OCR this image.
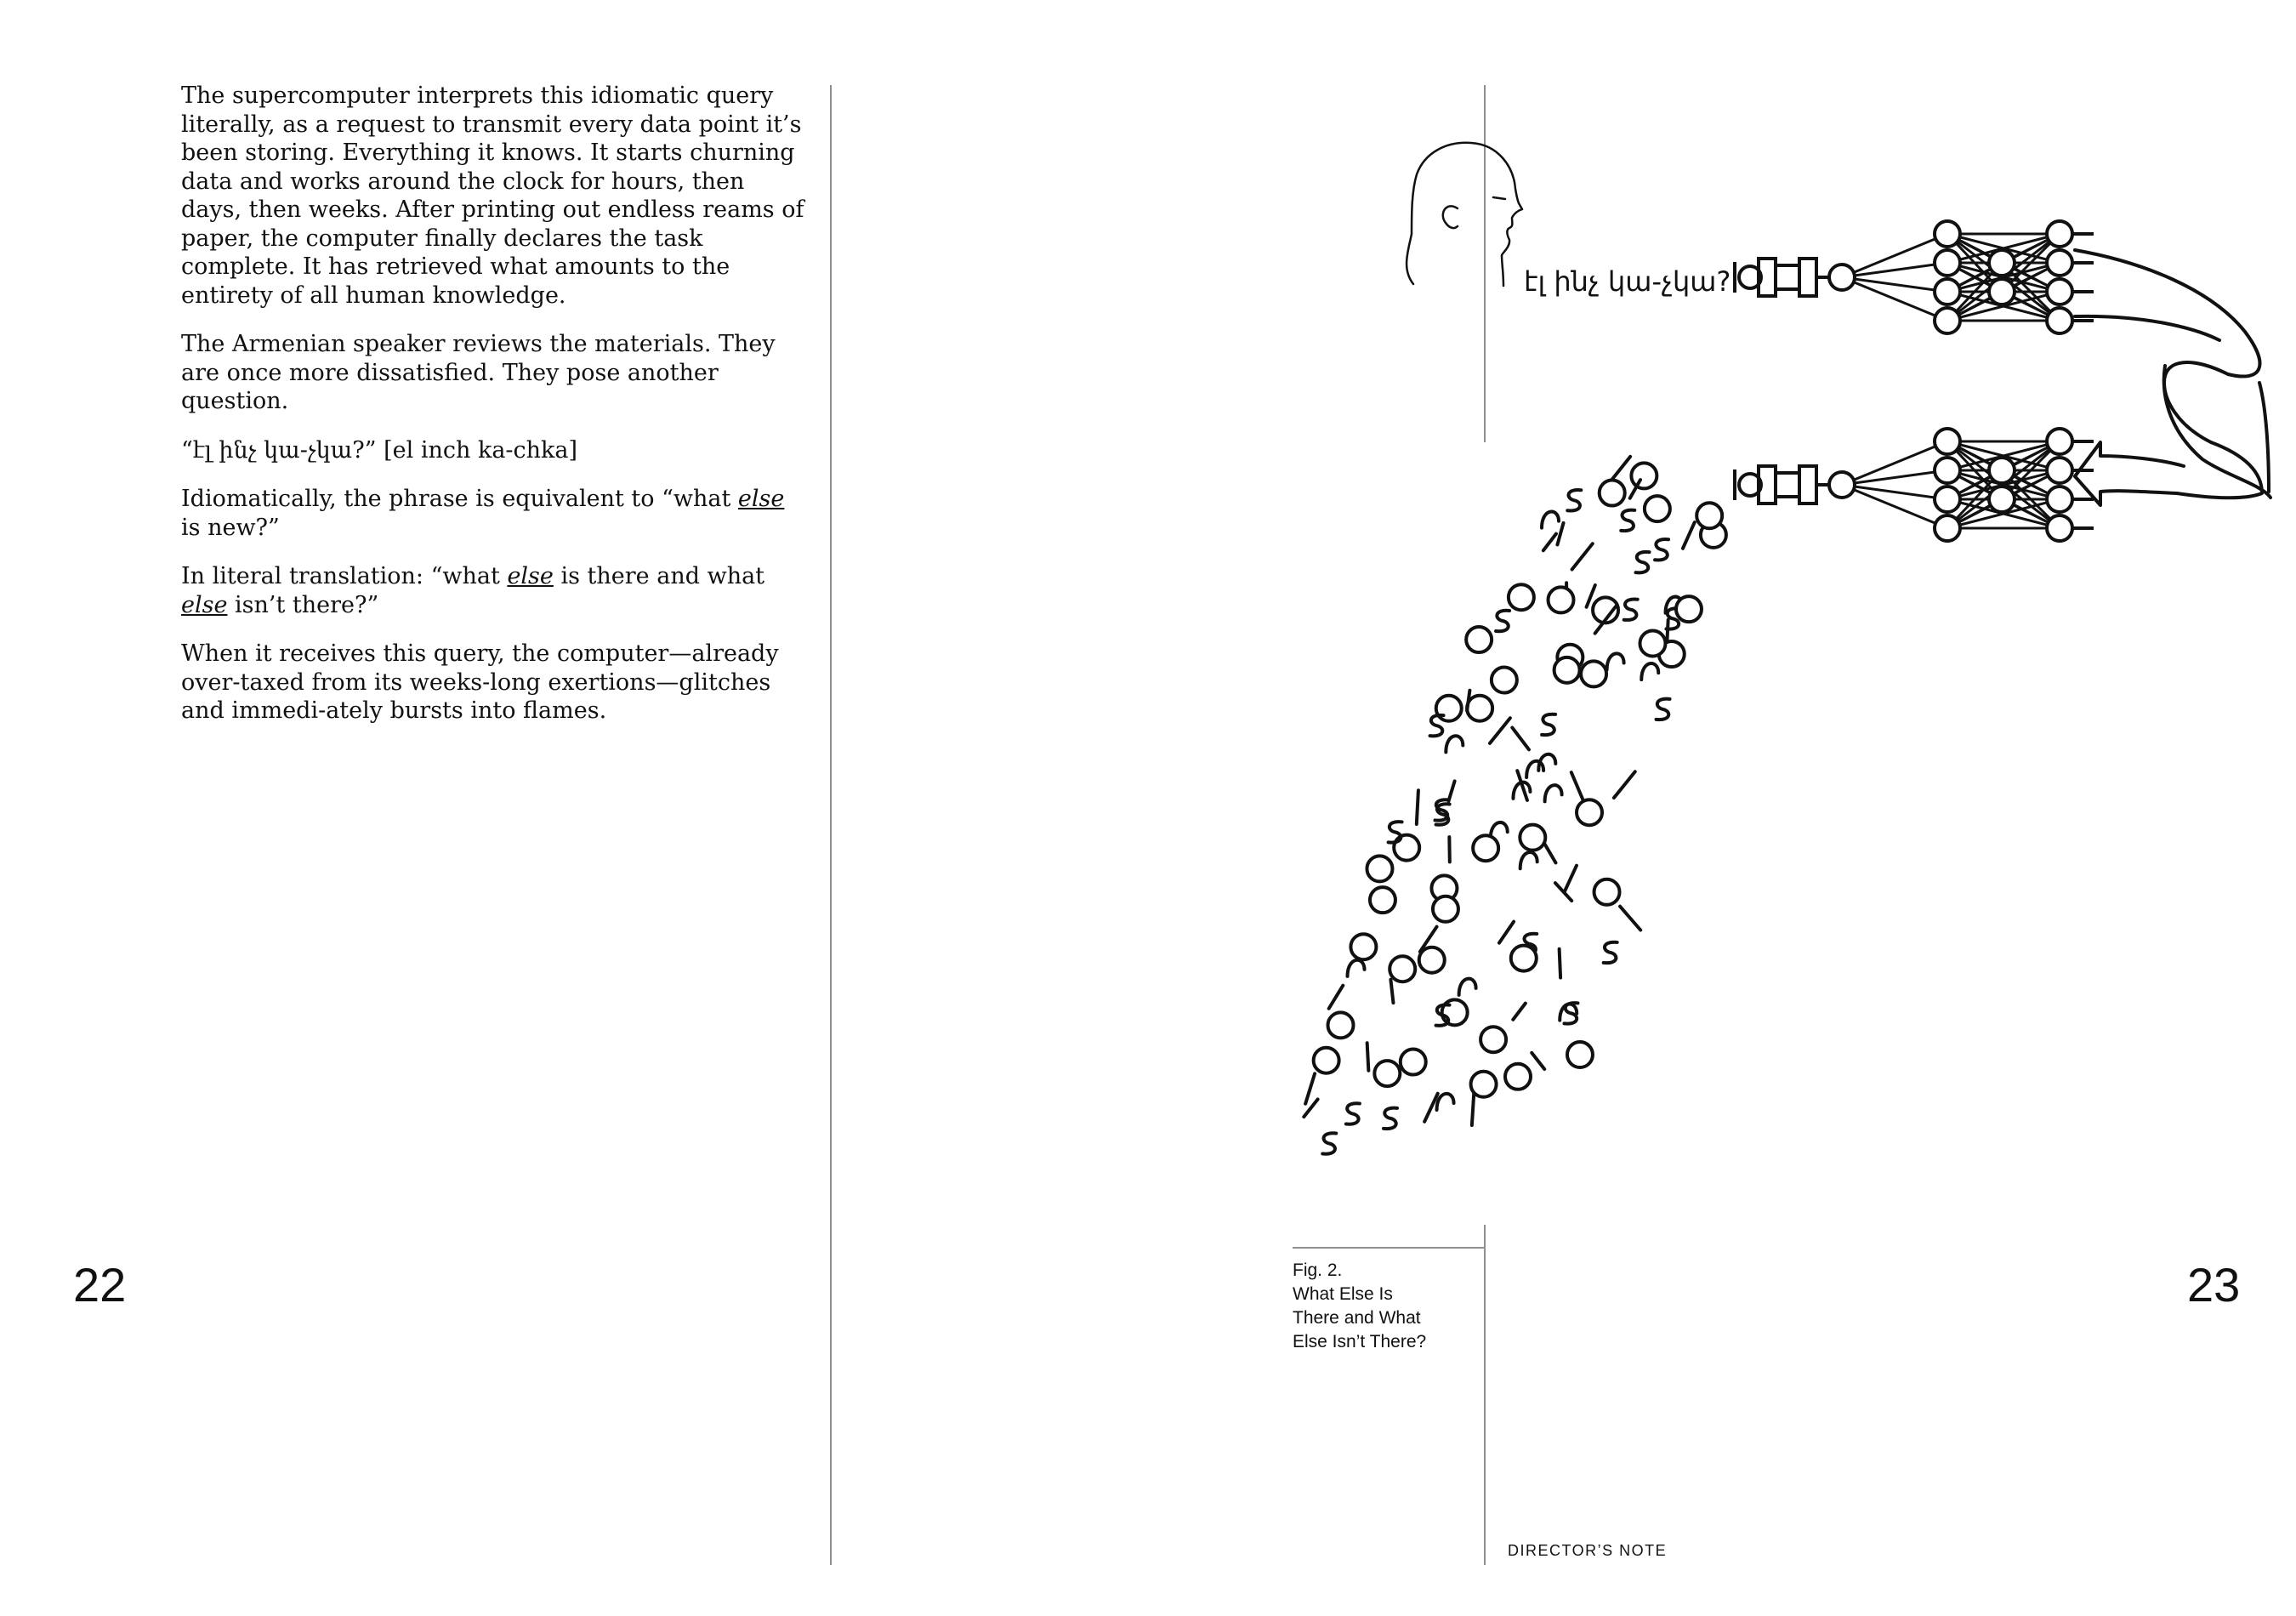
The supercomputer interprets this idiomatic query literally, as a request to transmit every data point it’s been storing. Everything it knows. It starts churning data and works around the clock for hours, then days, then weeks. After printing out endless reams of paper, the computer finally declares the task complete. It has retrieved what amounts to the entirety of all human knowledge.

The Armenian speaker reviews the materials. They are once more dissatisfied. They pose another question.

“էլ ինչ կա-չկա?” [el inch ka-chka]

Idiomatically, the phrase is equivalent to “what else is new?”

In literal translation: “what else is there and what else isn’t there?”

When it receives this query, the computer—already over-taxed from its weeks-long exertions—glitches and immedi-ately bursts into flames.

22	23
Fig. 2.
What Else Is
There and What
Else Isn’t There?
DIRECTOR’S NOTE
էլ ինչ կա-չկա?
